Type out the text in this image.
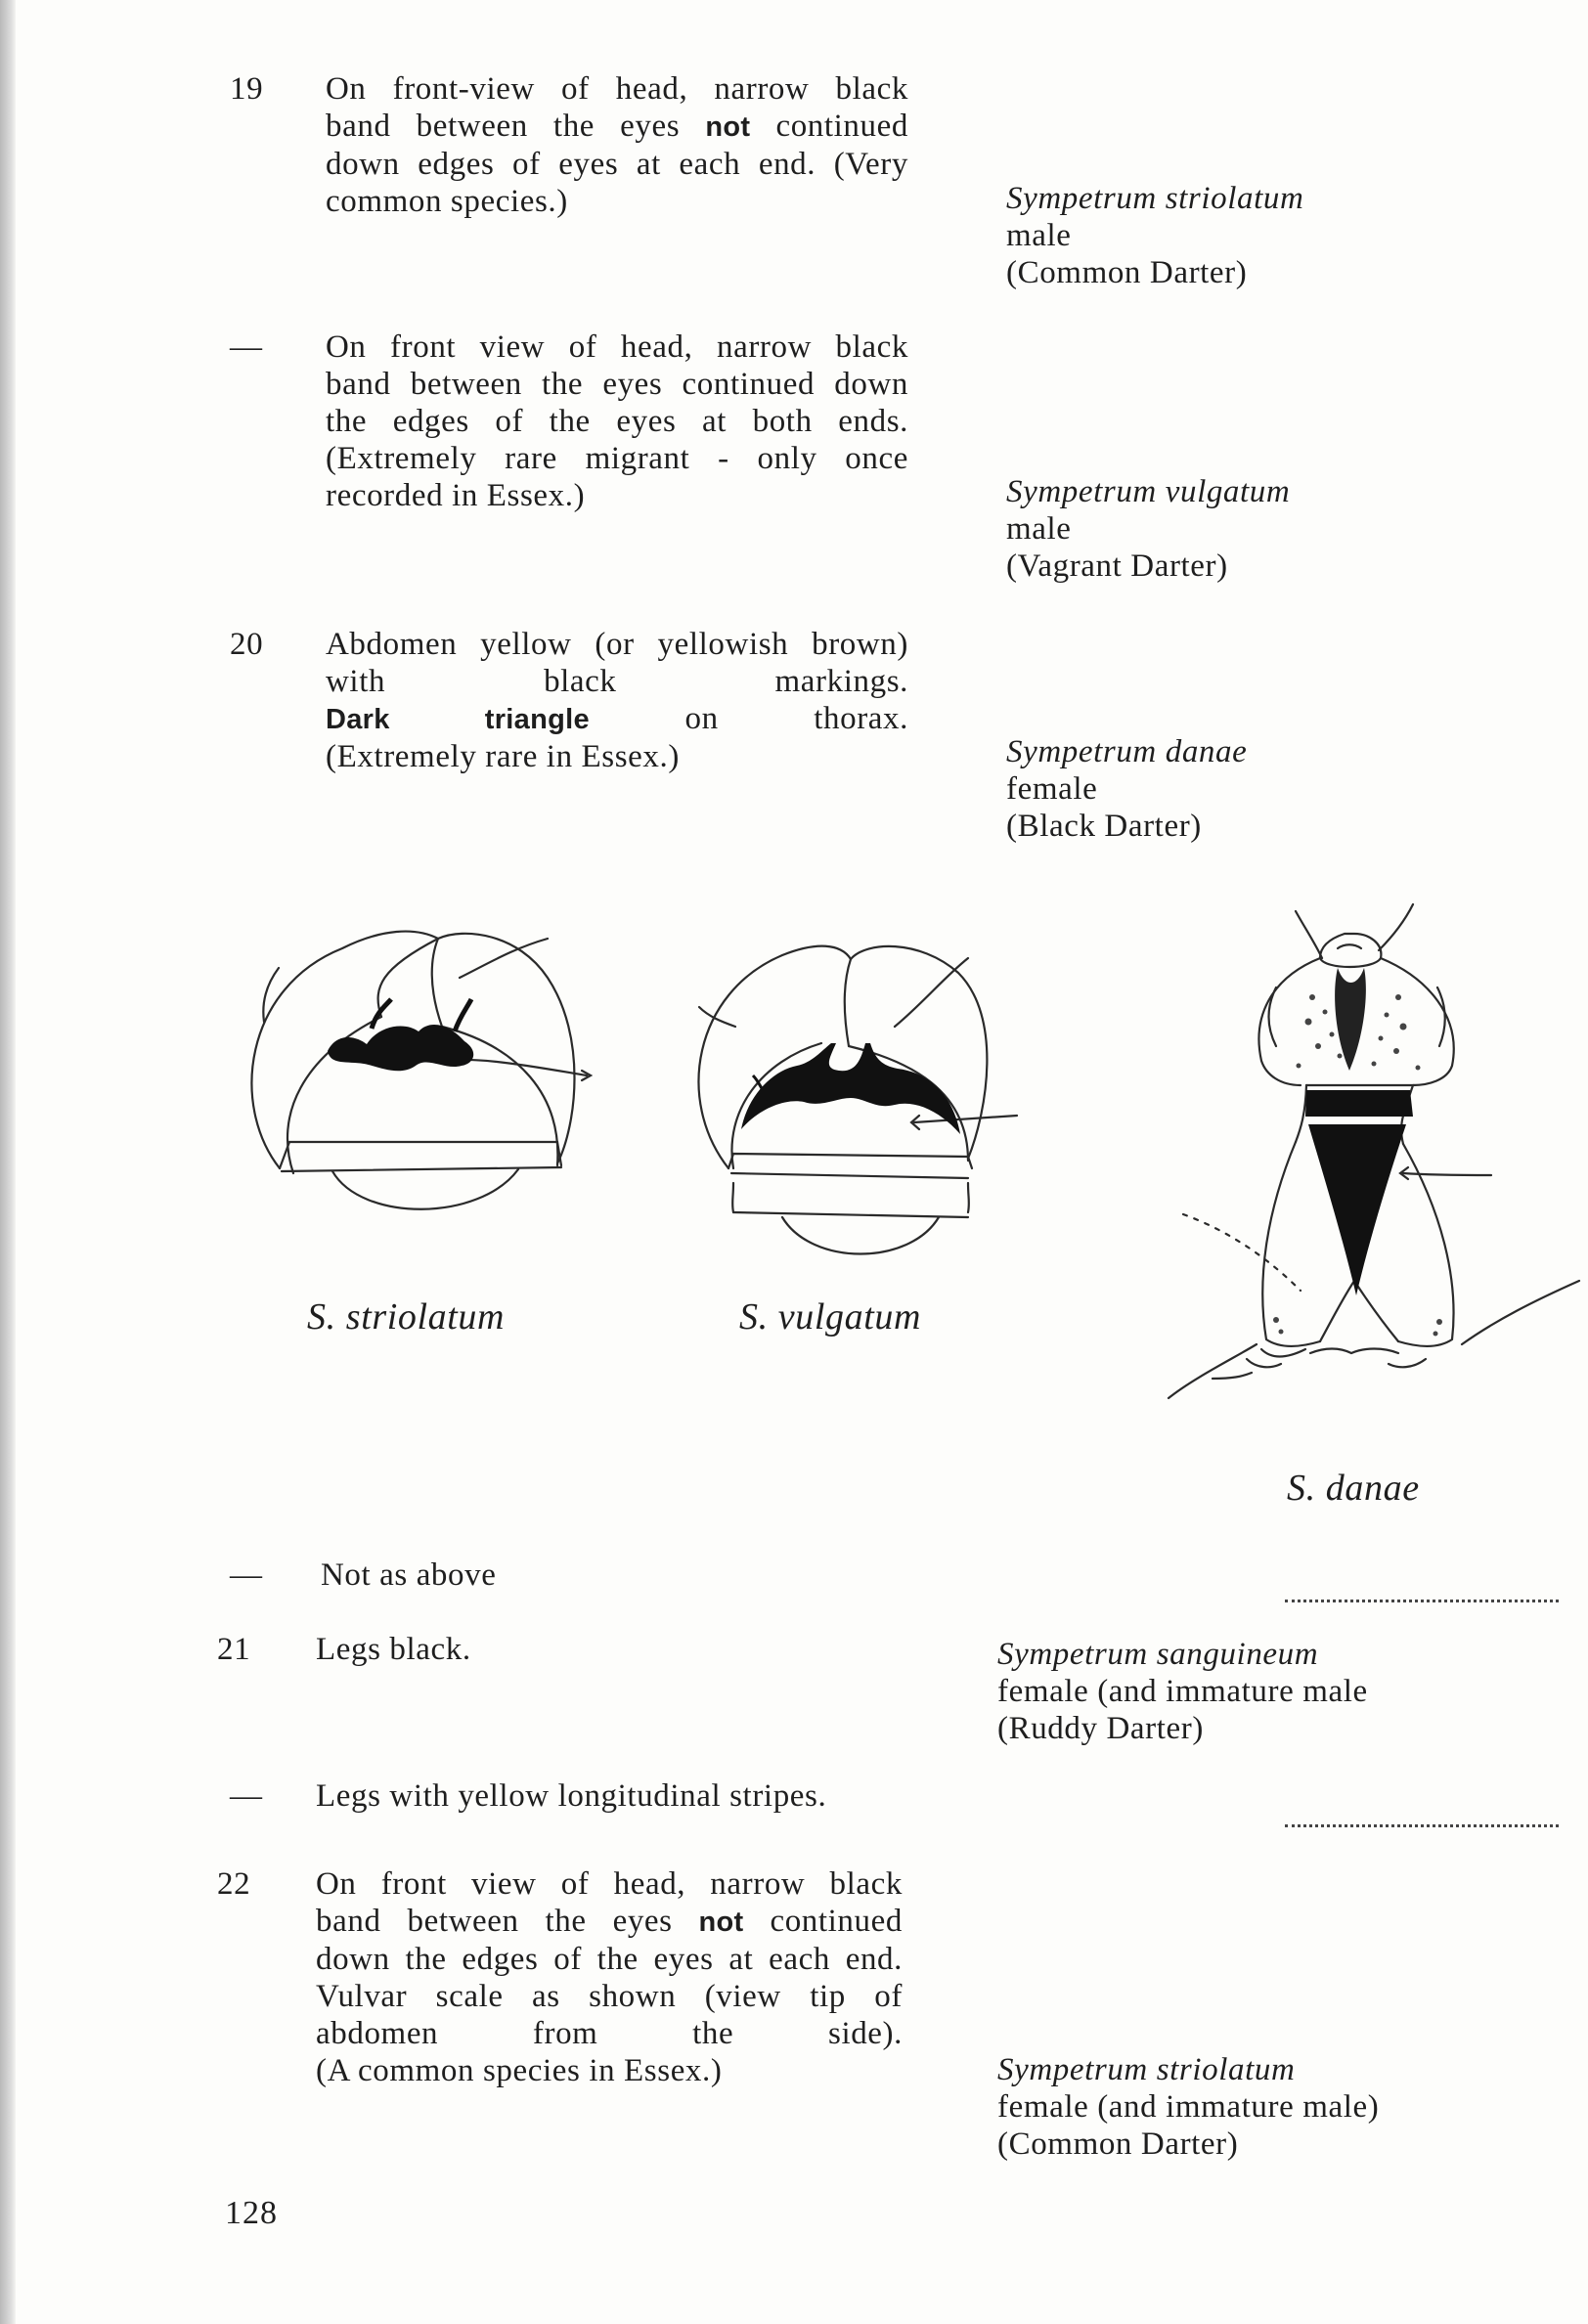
19	On front-view of head, narrow black
band between the eyes not continued
down edges of eyes at each end. (Very
common species.)	Sympetrum striolatum
male
(Common Darter)
—	On front view of head, narrow black
band between the eyes continued down
the edges of the eyes at both ends.
(Extremely rare migrant - only once
recorded in Essex.)	Sympetrum vulgatum
male
(Vagrant Darter)
20	Abdomen yellow (or yellowish brown)
with black markings.
Dark triangle on thorax.
(Extremely rare in Essex.)	Sympetrum danae
female
(Black Darter)
S. striolatum	S. vulgatum
S. danae
—	Not as above
21	Legs black.	Sympetrum sanguineum
female (and immature male
(Ruddy Darter)
—	Legs with yellow longitudinal stripes.
22	On front view of head, narrow black
band between the eyes not continued
down the edges of the eyes at each end.
Vulvar scale as shown (view tip of
abdomen from the side).
(A common species in Essex.)	Sympetrum striolatum
female (and immature male)
(Common Darter)
128
